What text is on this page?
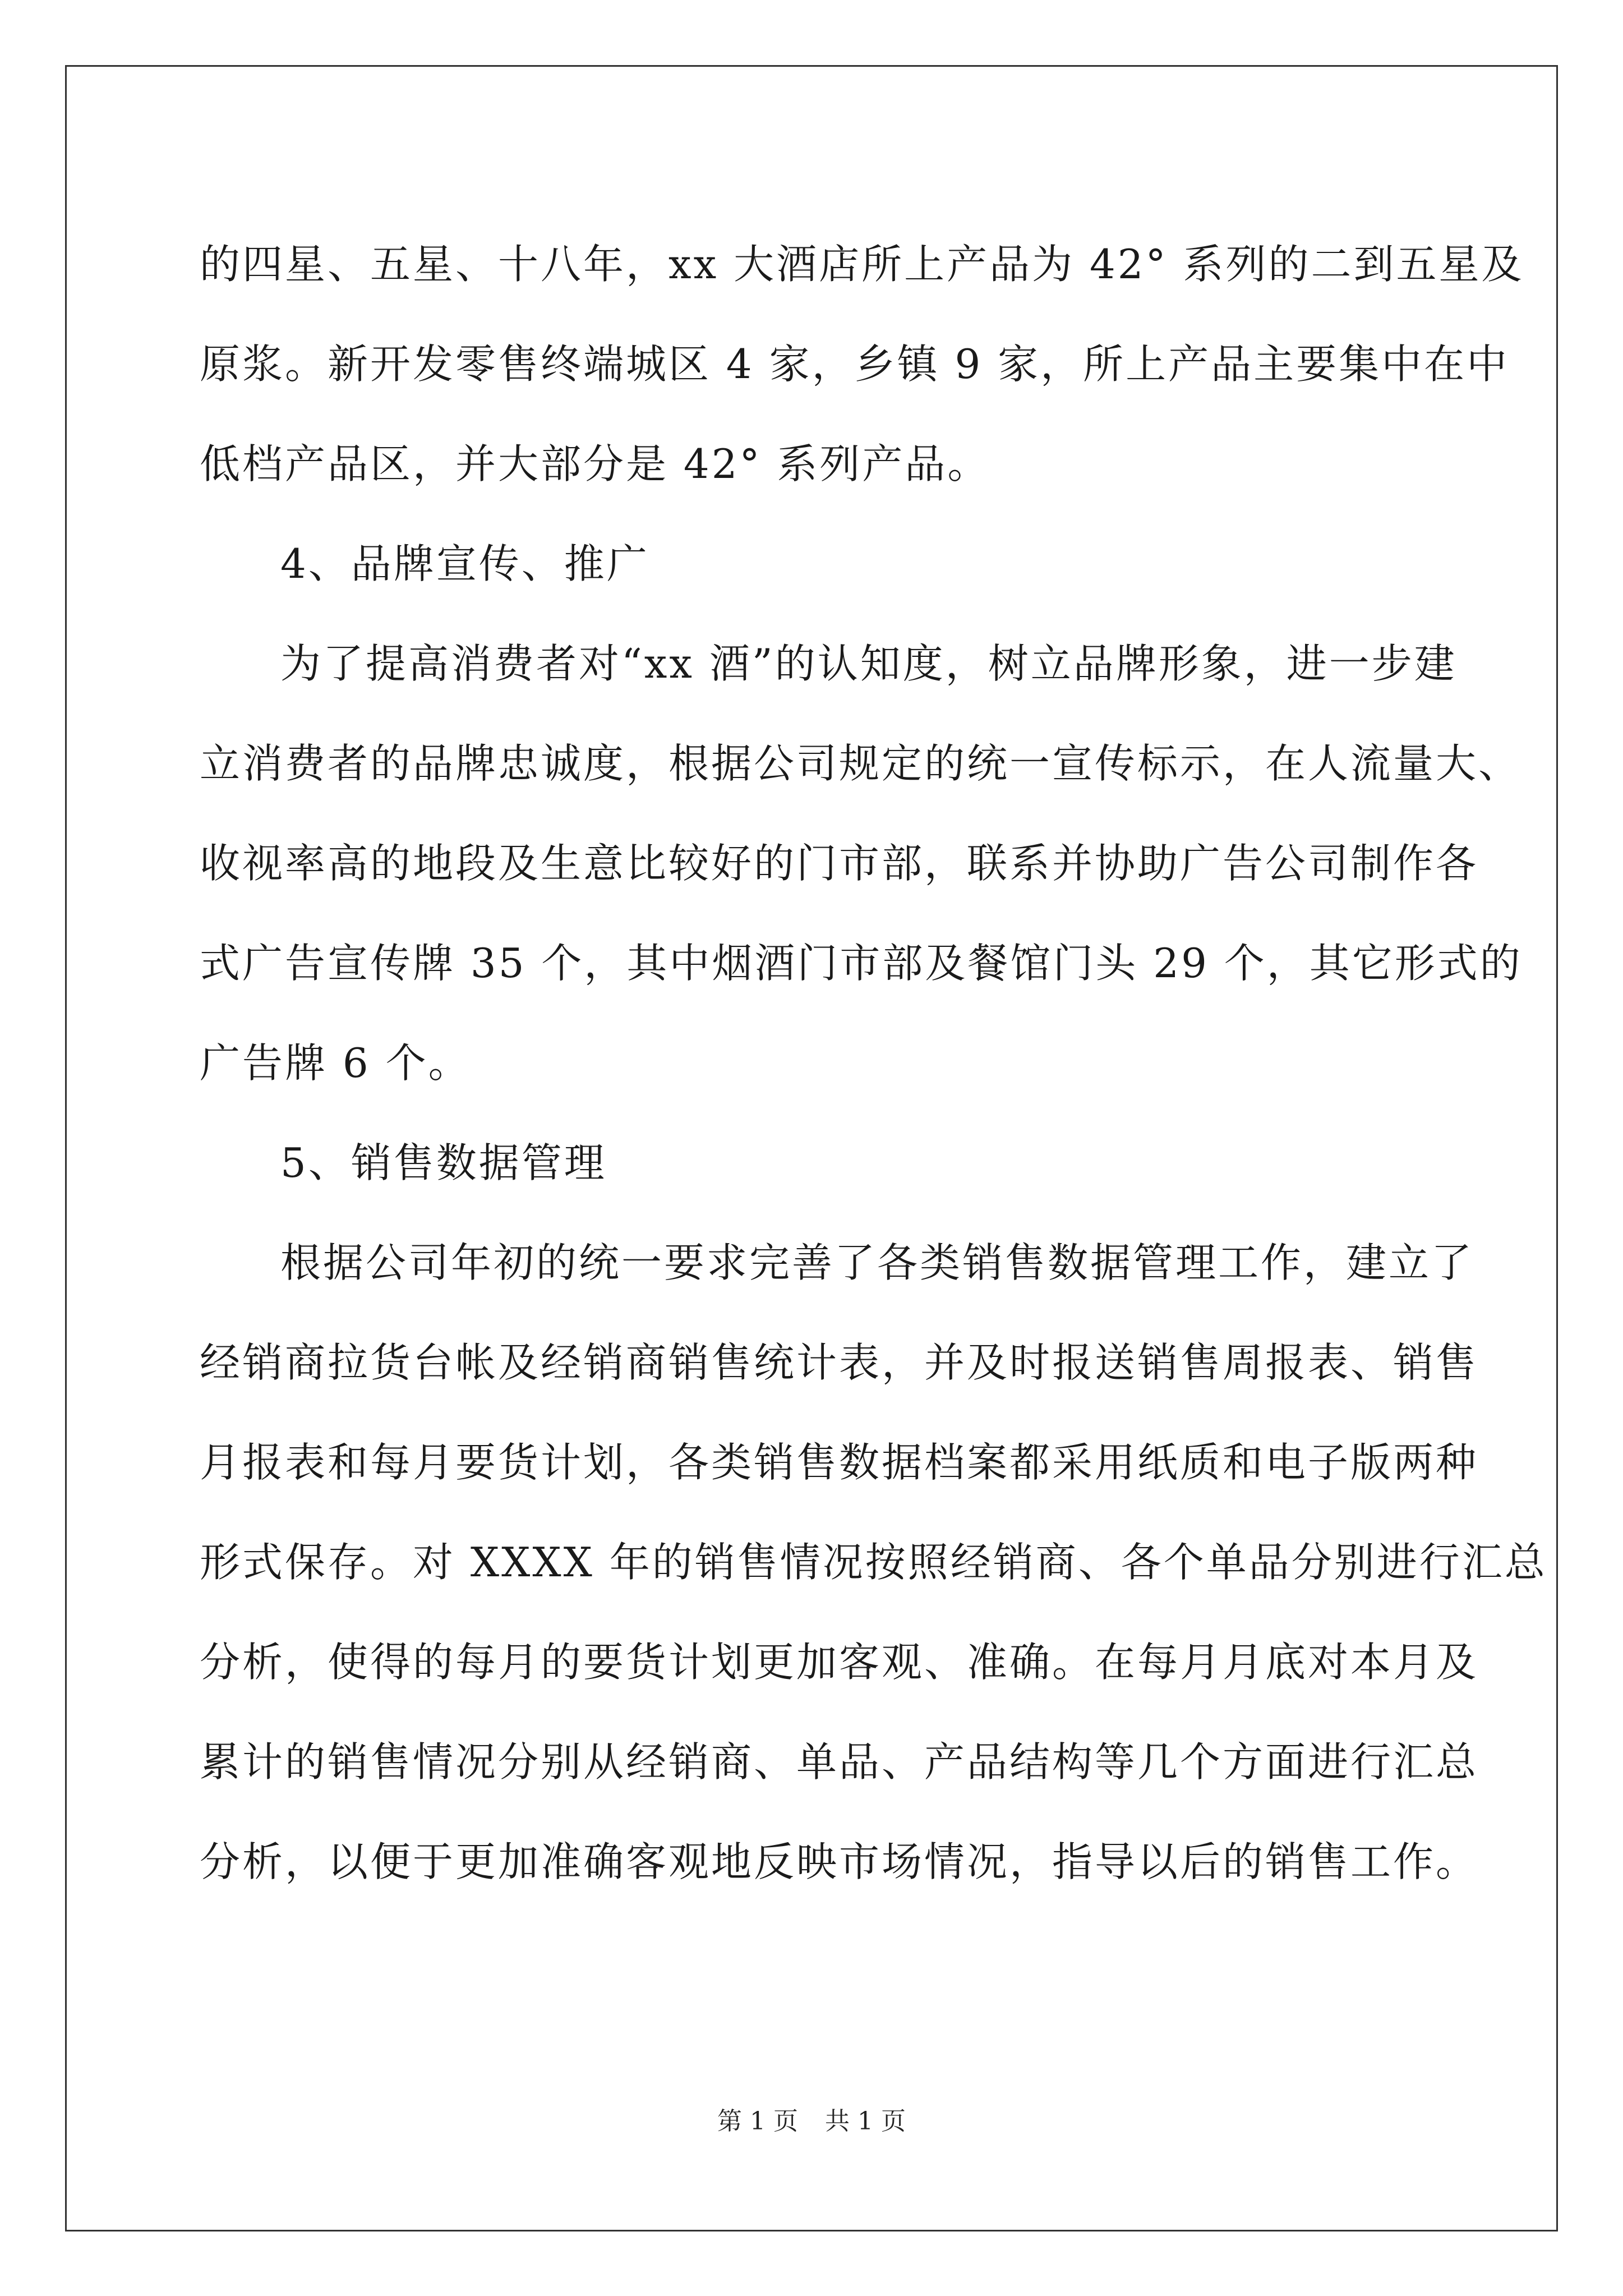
的四星、五星、十八年，xx 大酒店所上产品为 42° 系列的二到五星及
原浆。新开发零售终端城区 4 家，乡镇 9 家，所上产品主要集中在中
低档产品区，并大部分是 42° 系列产品。
4、品牌宣传、推广
为了提高消费者对“xx 酒”的认知度，树立品牌形象，进一步建
立消费者的品牌忠诚度，根据公司规定的统一宣传标示，在人流量大、
收视率高的地段及生意比较好的门市部，联系并协助广告公司制作各
式广告宣传牌 35 个，其中烟酒门市部及餐馆门头 29 个，其它形式的
广告牌 6 个。
5、销售数据管理
根据公司年初的统一要求完善了各类销售数据管理工作，建立了
经销商拉货台帐及经销商销售统计表，并及时报送销售周报表、销售
月报表和每月要货计划，各类销售数据档案都采用纸质和电子版两种
形式保存。对 XXXX 年的销售情况按照经销商、各个单品分别进行汇总
分析，使得的每月的要货计划更加客观、准确。在每月月底对本月及
累计的销售情况分别从经销商、单品、产品结构等几个方面进行汇总
分析，以便于更加准确客观地反映市场情况，指导以后的销售工作。
第 1 页 共 1 页
